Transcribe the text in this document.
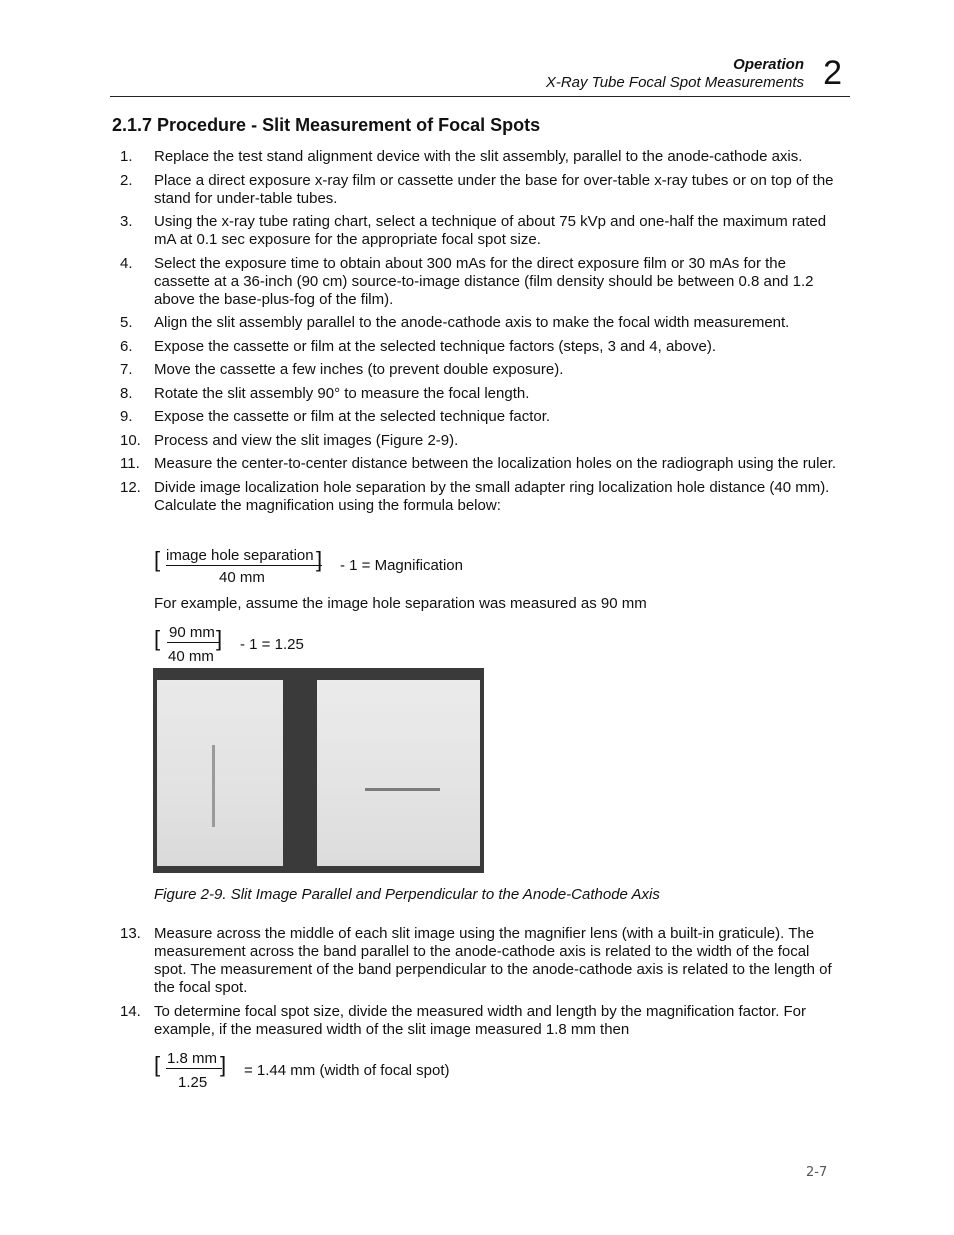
Operation
X-Ray Tube Focal Spot Measurements 2
2.1.7 Procedure - Slit Measurement of Focal Spots
1.	Replace the test stand alignment device with the slit assembly, parallel to the anode-cathode axis.
2.	Place a direct exposure x-ray film or cassette under the base for over-table x-ray tubes or on top of the stand for under-table tubes.
3.	Using the x-ray tube rating chart, select a technique of about 75 kVp and one-half the maximum rated mA at 0.1 sec exposure for the appropriate focal spot size.
4.	Select the exposure time to obtain about 300 mAs for the direct exposure film or 30 mAs for the cassette at a 36-inch (90 cm) source-to-image distance (film density should be between 0.8 and 1.2 above the base-plus-fog of the film).
5.	Align the slit assembly parallel to the anode-cathode axis to make the focal width measurement.
6.	Expose the cassette or film at the selected technique factors (steps, 3 and 4, above).
7.	Move the cassette a few inches (to prevent double exposure).
8.	Rotate the slit assembly 90° to measure the focal length.
9.	Expose the cassette or film at the selected technique factor.
10. Process and view the slit images (Figure 2-9).
11. Measure the center-to-center distance between the localization holes on the radiograph using the ruler.
12. Divide image localization hole separation by the small adapter ring localization hole distance (40 mm). Calculate the magnification using the formula below:
[ image hole separation
40 mm
] - 1 = Magnification
For example, assume the image hole separation was measured as 90 mm
[ 90 mm
40 mm
] - 1 = 1.25
Figure 2-9. Slit Image Parallel and Perpendicular to the Anode-Cathode Axis
13. Measure across the middle of each slit image using the magnifier lens (with a built-in graticule). The measurement across the band parallel to the anode-cathode axis is related to the width of the focal spot. The measurement of the band perpendicular to the anode-cathode axis is related to the length of the focal spot.
14. To determine focal spot size, divide the measured width and length by the magnification factor. For example, if the measured width of the slit image measured 1.8 mm then
[ 1.8 mm
1.25
] = 1.44 mm (width of focal spot)
2-7
